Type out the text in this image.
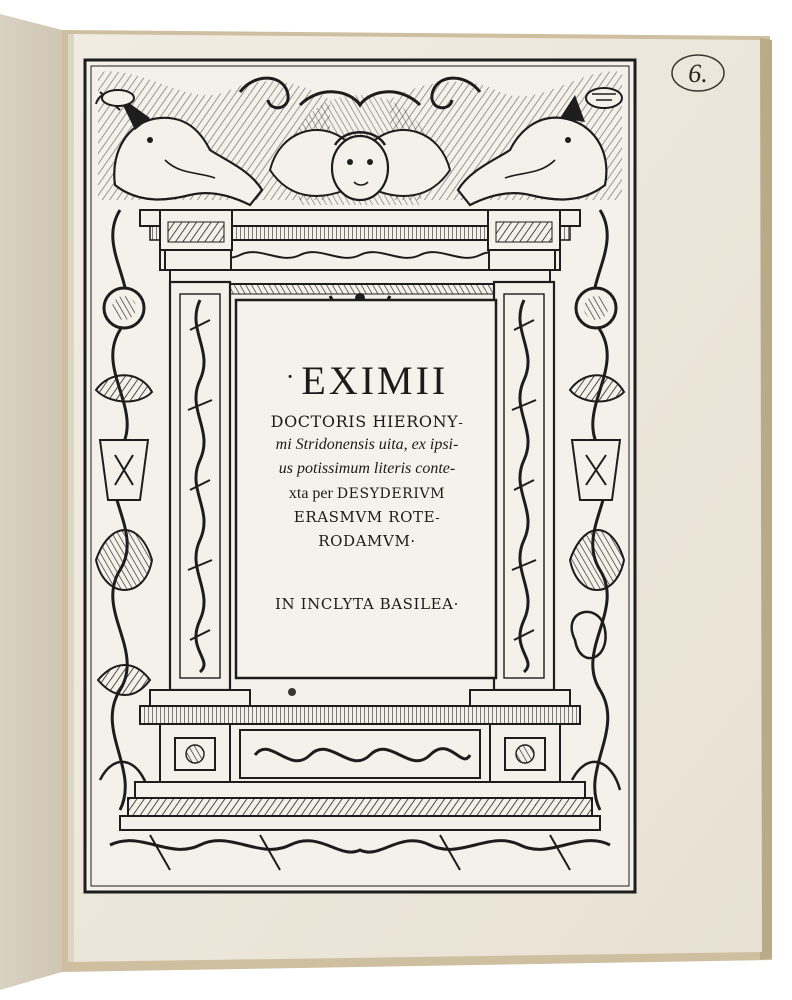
· EXIMII
DOCTORIS HIERONY-
mi Stridonensis uita, ex ipsi-
us potissimum literis conte-
xta per DESYDERIVM
ERASMVM ROTE-
RODAMVM·
IN INCLYTA BASILEA·
6.
